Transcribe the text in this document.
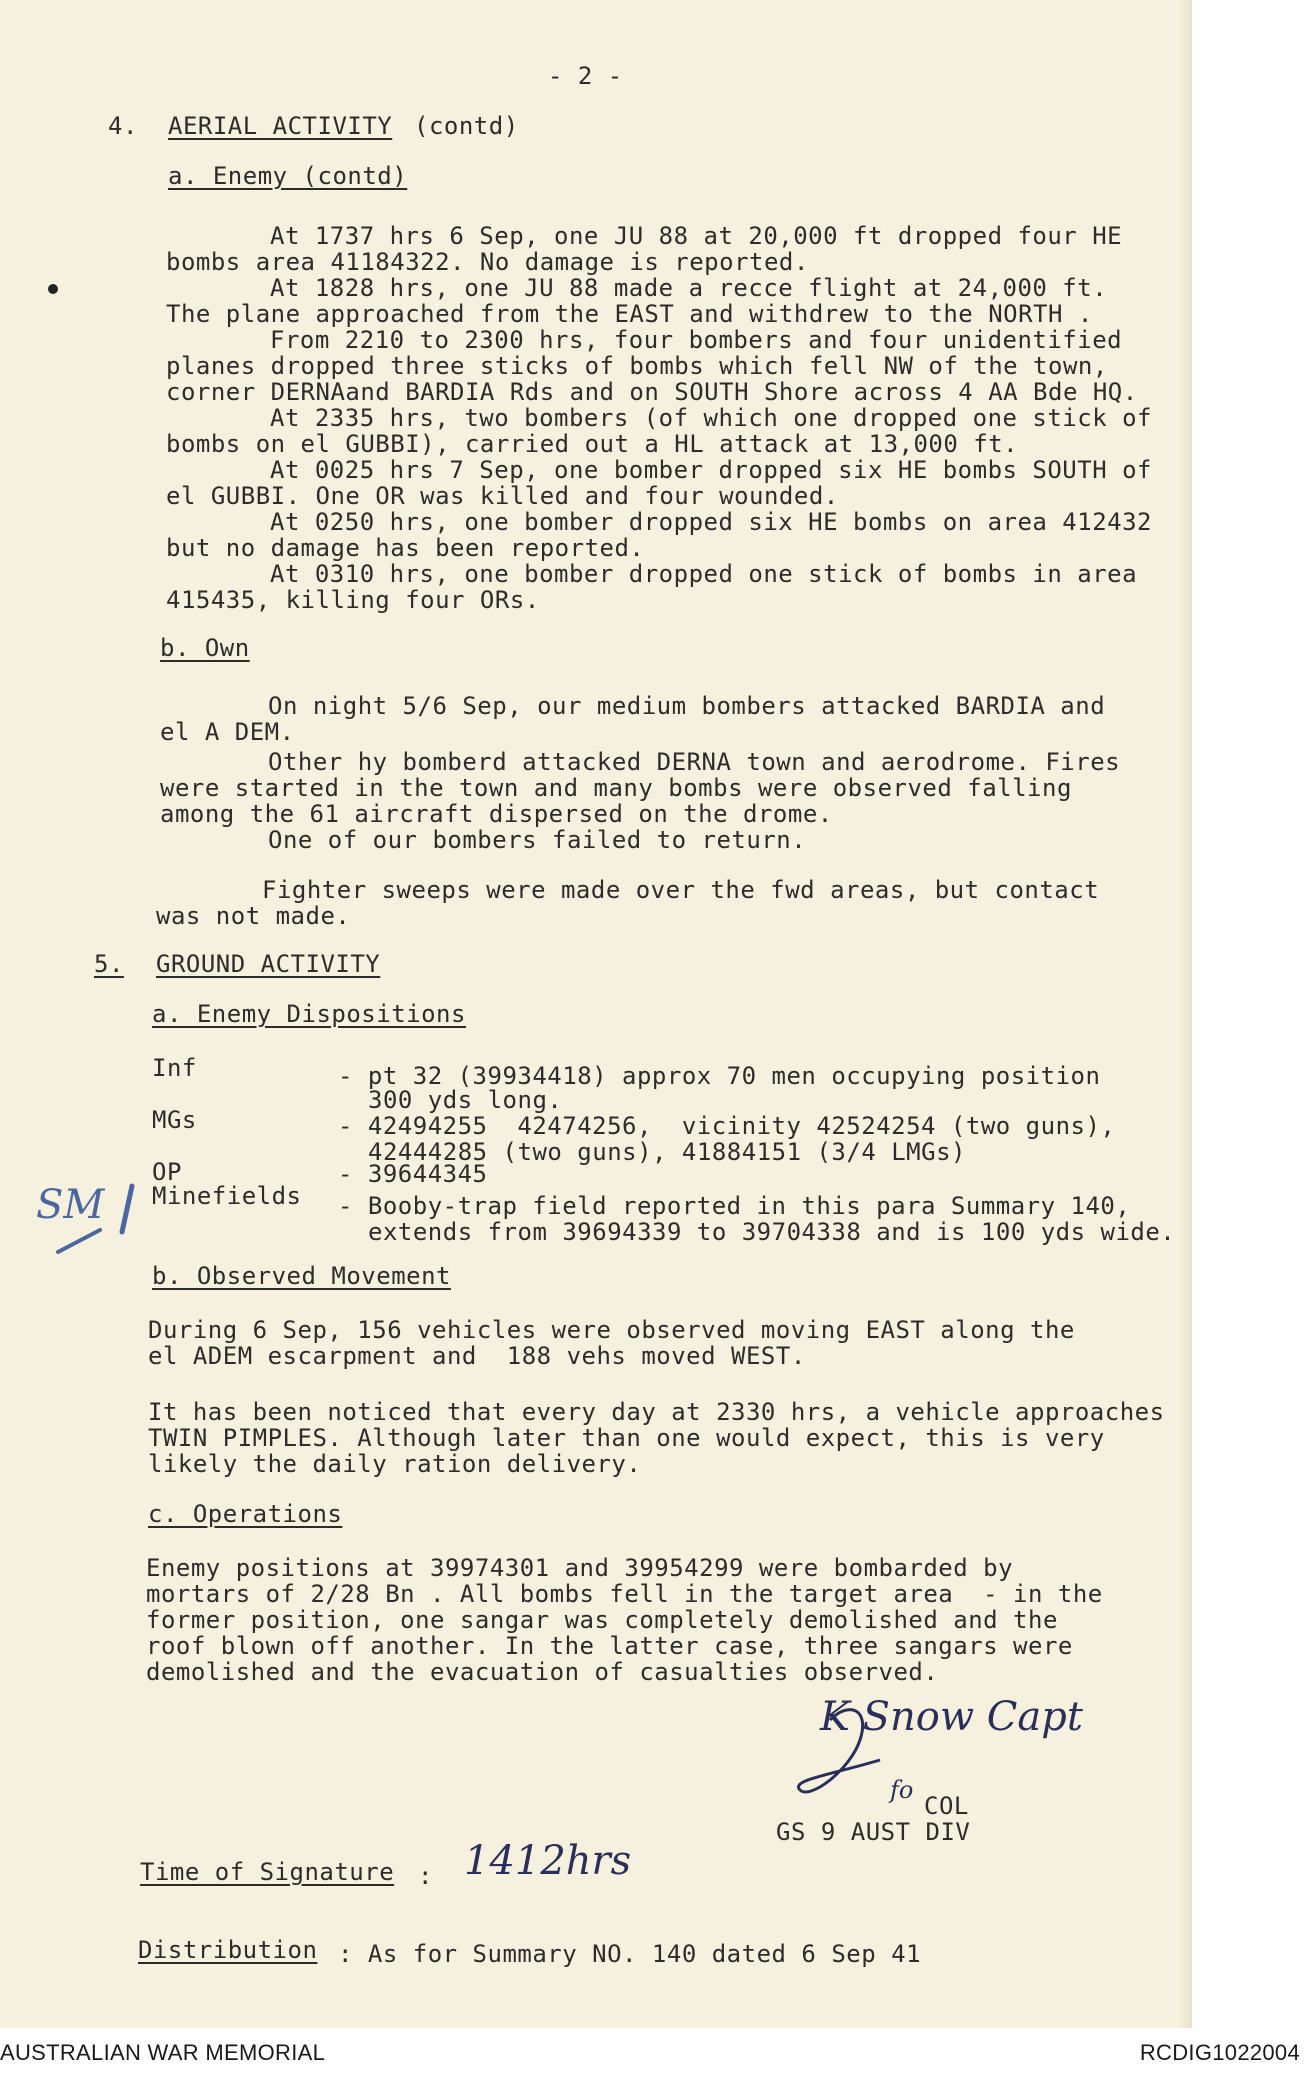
- 2 -
4. AERIAL ACTIVITY (contd)
a. Enemy (contd)
At 1737 hrs 6 Sep, one JU 88 at 20,000 ft dropped four HE
bombs area 41184322. No damage is reported.
At 1828 hrs, one JU 88 made a recce flight at 24,000 ft.
The plane approached from the EAST and withdrew to the NORTH .
From 2210 to 2300 hrs, four bombers and four unidentified
planes dropped three sticks of bombs which fell NW of the town,
corner DERNAand BARDIA Rds and on SOUTH Shore across 4 AA Bde HQ.
At 2335 hrs, two bombers (of which one dropped one stick of
bombs on el GUBBI), carried out a HL attack at 13,000 ft.
At 0025 hrs 7 Sep, one bomber dropped six HE bombs SOUTH of
el GUBBI. One OR was killed and four wounded.
At 0250 hrs, one bomber dropped six HE bombs on area 412432
but no damage has been reported.
At 0310 hrs, one bomber dropped one stick of bombs in area
415435, killing four ORs.
b. Own
On night 5/6 Sep, our medium bombers attacked BARDIA and
el A DEM.
Other hy bomberd attacked DERNA town and aerodrome. Fires
were started in the town and many bombs were observed falling
among the 61 aircraft dispersed on the drome.
One of our bombers failed to return.
Fighter sweeps were made over the fwd areas, but contact
was not made.
5. GROUND ACTIVITY
a. Enemy Dispositions
Inf	- pt 32 (39934418) approx 70 men occupying position
300 yds long.
MGs	- 42494255  42474256,  vicinity 42524254 (two guns),
42444285 (two guns), 41884151 (3/4 LMGs)
OP	- 39644345
Minefields - Booby-trap field reported in this para Summary 140,
extends from 39694339 to 39704338 and is 100 yds wide.
b. Observed Movement
During 6 Sep, 156 vehicles were observed moving EAST along the
el ADEM escarpment and  188 vehs moved WEST.
It has been noticed that every day at 2330 hrs, a vehicle approaches
TWIN PIMPLES. Although later than one would expect, this is very
likely the daily ration delivery.
c. Operations
Enemy positions at 39974301 and 39954299 were bombarded by
mortars of 2/28 Bn . All bombs fell in the target area  - in the
former position, one sangar was completely demolished and the
roof blown off another. In the latter case, three sangars were
demolished and the evacuation of casualties observed.
SM
K Snow Capt
fo
COL
GS 9 AUST DIV
Time of Signature : 1412hrs
Distribution : As for Summary NO. 140 dated 6 Sep 41
AUSTRALIAN WAR MEMORIAL	RCDIG1022004
